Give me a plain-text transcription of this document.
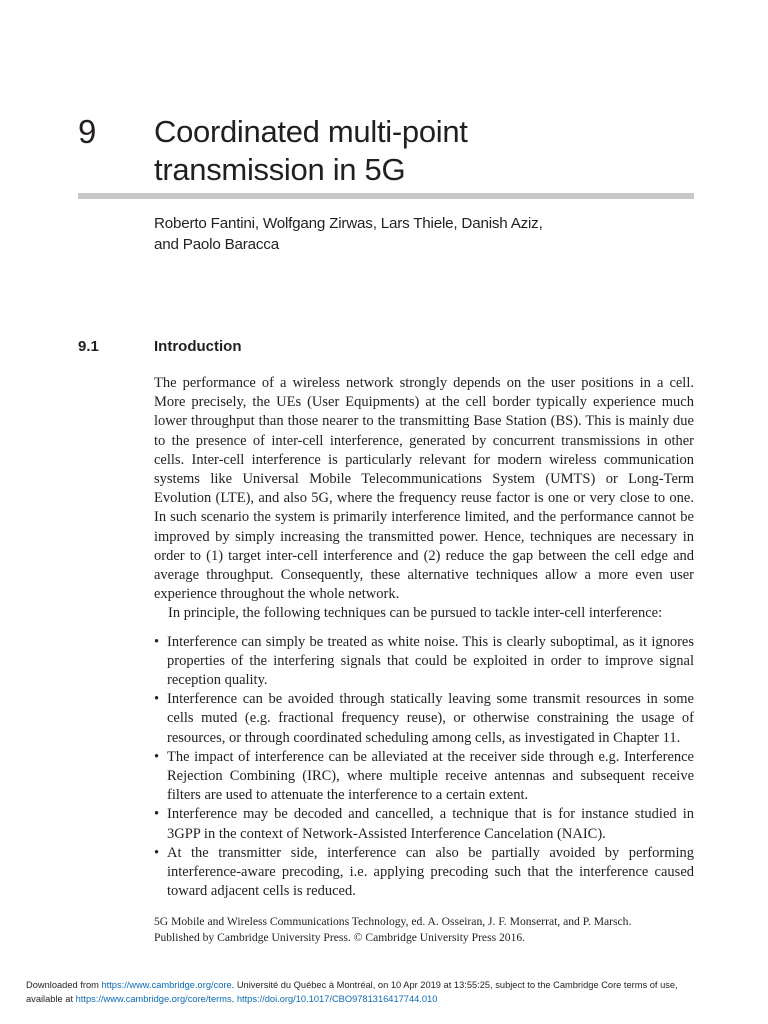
9 Coordinated multi-point
transmission in 5G
Roberto Fantini, Wolfgang Zirwas, Lars Thiele, Danish Aziz,
and Paolo Baracca
9.1	Introduction

The performance of a wireless network strongly depends on the user positions in a cell. More precisely, the UEs (User Equipments) at the cell border typically experience much lower throughput than those nearer to the transmitting Base Station (BS). This is mainly due to the presence of inter-cell interference, generated by concurrent transmissions in other cells. Inter-cell interference is particularly relevant for modern wireless communication systems like Universal Mobile Telecommunications System (UMTS) or Long-Term Evolution (LTE), and also 5G, where the frequency reuse factor is one or very close to one. In such scenario the system is primarily interference limited, and the performance cannot be improved by simply increasing the transmitted power. Hence, techniques are necessary in order to (1) target inter-cell interference and (2) reduce the gap between the cell edge and average throughput. Consequently, these alternative techniques allow a more even user experience throughout the whole network.

In principle, the following techniques can be pursued to tackle inter-cell interference:

• Interference can simply be treated as white noise. This is clearly suboptimal, as it ignores properties of the interfering signals that could be exploited in order to improve signal reception quality.
• Interference can be avoided through statically leaving some transmit resources in some cells muted (e.g. fractional frequency reuse), or otherwise constraining the usage of resources, or through coordinated scheduling among cells, as investigated in Chapter 11.
• The impact of interference can be alleviated at the receiver side through e.g. Interference Rejection Combining (IRC), where multiple receive antennas and subsequent receive filters are used to attenuate the interference to a certain extent.
• Interference may be decoded and cancelled, a technique that is for instance studied in 3GPP in the context of Network-Assisted Interference Cancelation (NAIC).
• At the transmitter side, interference can also be partially avoided by performing interference-aware precoding, i.e. applying precoding such that the interference caused toward adjacent cells is reduced.
5G Mobile and Wireless Communications Technology, ed. A. Osseiran, J. F. Monserrat, and P. Marsch.
Published by Cambridge University Press. © Cambridge University Press 2016.
Downloaded from https://www.cambridge.org/core. Université du Québec à Montréal, on 10 Apr 2019 at 13:55:25, subject to the Cambridge Core terms of use,
available at https://www.cambridge.org/core/terms. https://doi.org/10.1017/CBO9781316417744.010
